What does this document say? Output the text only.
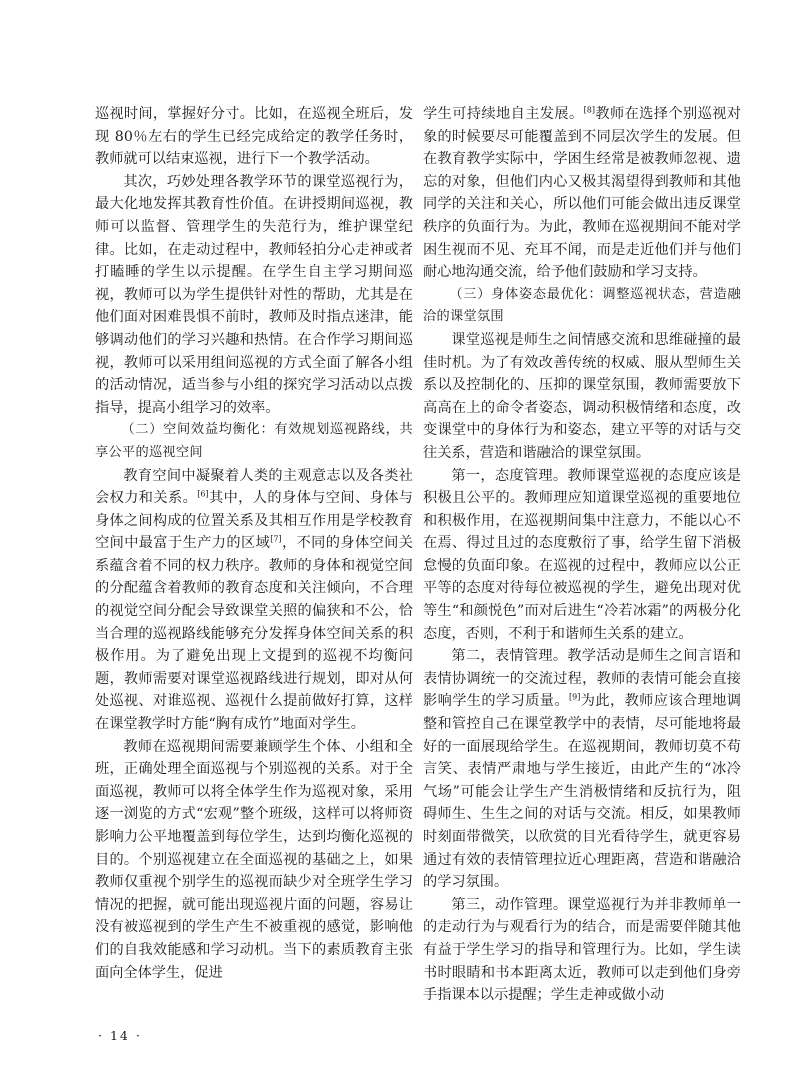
巡视时间，掌握好分寸。比如，在巡视全班后，发现 80％左右的学生已经完成给定的教学任务时，教师就可以结束巡视，进行下一个教学活动。

其次，巧妙处理各教学环节的课堂巡视行为，最大化地发挥其教育性价值。在讲授期间巡视，教师可以监督、管理学生的失范行为，维护课堂纪律。比如，在走动过程中，教师轻拍分心走神或者打瞌睡的学生以示提醒。在学生自主学习期间巡视，教师可以为学生提供针对性的帮助，尤其是在他们面对困难畏惧不前时，教师及时指点迷津，能够调动他们的学习兴趣和热情。在合作学习期间巡视，教师可以采用组间巡视的方式全面了解各小组的活动情况，适当参与小组的探究学习活动以点拨指导，提高小组学习的效率。

（二）空间效益均衡化：有效规划巡视路线，共享公平的巡视空间

教育空间中凝聚着人类的主观意志以及各类社会权力和关系。[6]其中，人的身体与空间、身体与身体之间构成的位置关系及其相互作用是学校教育空间中最富于生产力的区域[7]，不同的身体空间关系蕴含着不同的权力秩序。教师的身体和视觉空间的分配蕴含着教师的教育态度和关注倾向，不合理的视觉空间分配会导致课堂关照的偏狭和不公，恰当合理的巡视路线能够充分发挥身体空间关系的积极作用。为了避免出现上文提到的巡视不均衡问题，教师需要对课堂巡视路线进行规划，即对从何处巡视、对谁巡视、巡视什么提前做好打算，这样在课堂教学时方能“胸有成竹”地面对学生。

教师在巡视期间需要兼顾学生个体、小组和全班，正确处理全面巡视与个别巡视的关系。对于全面巡视，教师可以将全体学生作为巡视对象，采用逐一浏览的方式“宏观”整个班级，这样可以将师资影响力公平地覆盖到每位学生，达到均衡化巡视的目的。个别巡视建立在全面巡视的基础之上，如果教师仅重视个别学生的巡视而缺少对全班学生学习情况的把握，就可能出现巡视片面的问题，容易让没有被巡视到的学生产生不被重视的感觉，影响他们的自我效能感和学习动机。当下的素质教育主张面向全体学生，促进

学生可持续地自主发展。[8]教师在选择个别巡视对象的时候要尽可能覆盖到不同层次学生的发展。但在教育教学实际中，学困生经常是被教师忽视、遗忘的对象，但他们内心又极其渴望得到教师和其他同学的关注和关心，所以他们可能会做出违反课堂秩序的负面行为。为此，教师在巡视期间不能对学困生视而不见、充耳不闻，而是走近他们并与他们耐心地沟通交流，给予他们鼓励和学习支持。

（三）身体姿态最优化：调整巡视状态，营造融洽的课堂氛围

课堂巡视是师生之间情感交流和思维碰撞的最佳时机。为了有效改善传统的权威、服从型师生关系以及控制化的、压抑的课堂氛围，教师需要放下高高在上的命令者姿态，调动积极情绪和态度，改变课堂中的身体行为和姿态，建立平等的对话与交往关系，营造和谐融洽的课堂氛围。

第一，态度管理。教师课堂巡视的态度应该是积极且公平的。教师理应知道课堂巡视的重要地位和积极作用，在巡视期间集中注意力，不能以心不在焉、得过且过的态度敷衍了事，给学生留下消极怠慢的负面印象。在巡视的过程中，教师应以公正平等的态度对待每位被巡视的学生，避免出现对优等生“和颜悦色”而对后进生“冷若冰霜”的两极分化态度，否则，不利于和谐师生关系的建立。

第二，表情管理。教学活动是师生之间言语和表情协调统一的交流过程，教师的表情可能会直接影响学生的学习质量。[9]为此，教师应该合理地调整和管控自己在课堂教学中的表情，尽可能地将最好的一面展现给学生。在巡视期间，教师切莫不苟言笑、表情严肃地与学生接近，由此产生的“冰冷气场”可能会让学生产生消极情绪和反抗行为，阻碍师生、生生之间的对话与交流。相反，如果教师时刻面带微笑，以欣赏的目光看待学生，就更容易通过有效的表情管理拉近心理距离，营造和谐融洽的学习氛围。

第三，动作管理。课堂巡视行为并非教师单一的走动行为与观看行为的结合，而是需要伴随其他有益于学生学习的指导和管理行为。比如，学生读书时眼睛和书本距离太近，教师可以走到他们身旁手指课本以示提醒；学生走神或做小动

· 14 ·
